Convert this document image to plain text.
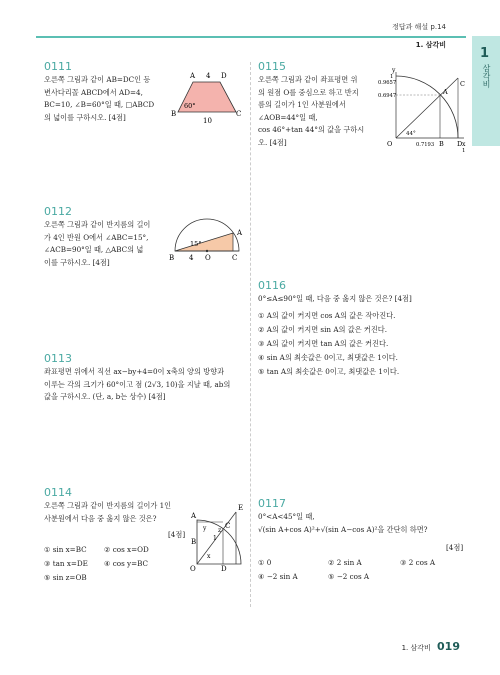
정답과 해설 p.14
1. 삼각비
1
삼각비
0111
오른쪽 그림과 같이 AB=DC인 등
변사다리꼴 ABCD에서 AD=4,
BC=10, ∠B=60°일 때, □ABCD
의 넓이를 구하시오. [4점]
A 4 D
60°
B	C
10
0112
오른쪽 그림과 같이 반지름의 길이
가 4인 반원 O에서 ∠ABC=15°,
∠ACB=90°일 때, △ABC의 넓
이를 구하시오. [4점]
15°
A
B 4 O	C
0113
좌표평면 위에서 직선 ax−by+4=0이 x축의 양의 방향과
이루는 각의 크기가 60°이고 점 (2√3, 10)을 지날 때, ab의
값을 구하시오. (단, a, b는 상수) [4점]
0114
오른쪽 그림과 같이 반지름의 길이가 1인
사분원에서 다음 중 옳지 않은 것은?
[4점]
① sin x=BC ② cos x=OD
③ tan x=DE ④ cos y=BC
⑤ sin z=OB
A
E
C
B
O	D
x
1
z
y
0115
오른쪽 그림과 같이 좌표평면 위
의 원점 O를 중심으로 하고 반지
름의 길이가 1인 사분원에서
∠AOB=44°일 때,
cos 46°+tan 44°의 값을 구하시
오. [4점]
y
x
O
A
C
B D
1
0.9657
0.6947
0.7193
1
44°
0116
0°≤A≤90°일 때, 다음 중 옳지 않은 것은? [4점]
① A의 값이 커지면 cos A의 값은 작아진다.
② A의 값이 커지면 sin A의 값은 커진다.
③ A의 값이 커지면 tan A의 값은 커진다.
④ sin A의 최솟값은 0이고, 최댓값은 1이다.
⑤ tan A의 최솟값은 0이고, 최댓값은 1이다.
0117
0°<A<45°일 때,
√(sin A+cos A)²+√(sin A−cos A)²을 간단히 하면?
[4점]
① 0	② 2 sin A	③ 2 cos A
④ −2 sin A	⑤ −2 cos A
1. 삼각비 019
